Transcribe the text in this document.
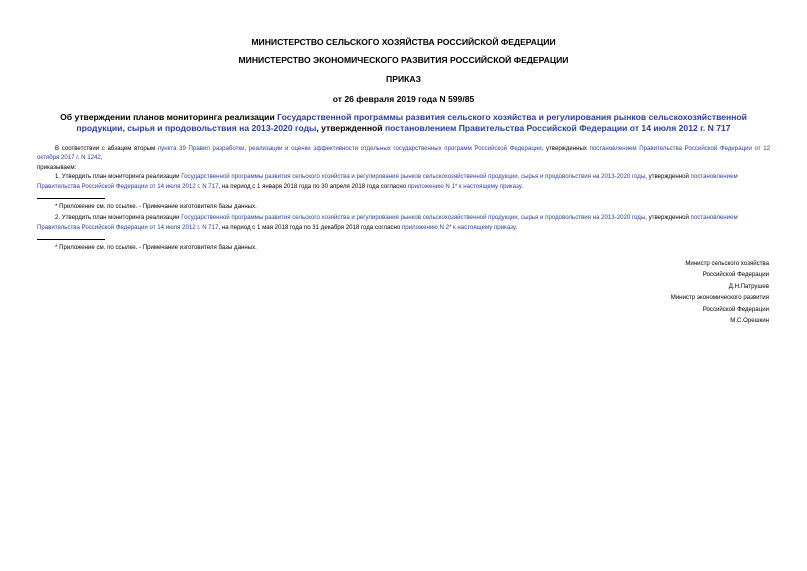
МИНИСТЕРСТВО СЕЛЬСКОГО ХОЗЯЙСТВА РОССИЙСКОЙ ФЕДЕРАЦИИ
МИНИСТЕРСТВО ЭКОНОМИЧЕСКОГО РАЗВИТИЯ РОССИЙСКОЙ ФЕДЕРАЦИИ
ПРИКАЗ
от 26 февраля 2019 года N 599/85
Об утверждении планов мониторинга реализации Государственной программы развития сельского хозяйства и регулирования рынков сельскохозяйственной продукции, сырья и продовольствия на 2013-2020 годы, утвержденной постановлением Правительства Российской Федерации от 14 июля 2012 г. N 717

В соответствии с абзацем вторым пункта 39 Правил разработки, реализации и оценки эффективности отдельных государственных программ Российской Федерации, утвержденных постановлением Правительства Российской Федерации от 12 октября 2017 г. N 1242,

приказываем:

1. Утвердить план мониторинга реализации Государственной программы развития сельского хозяйства и регулирования рынков сельскохозяйственной продукции, сырья и продовольствия на 2013-2020 годы, утвержденной постановлением Правительства Российской Федерации от 14 июля 2012 г. N 717, на период с 1 января 2018 года по 30 апреля 2018 года согласно приложению N 1* к настоящему приказу.

* Приложение см. по ссылке. - Примечание изготовителя базы данных.

2. Утвердить план мониторинга реализации Государственной программы развития сельского хозяйства и регулирования рынков сельскохозяйственной продукции, сырья и продовольствия на 2013-2020 годы, утвержденной постановлением Правительства Российской Федерации от 14 июля 2012 г. N 717, на период с 1 мая 2018 года по 31 декабря 2018 года согласно приложению N 2* к настоящему приказу.

* Приложение см. по ссылке. - Примечание изготовителя базы данных.

Министр сельского хозяйства
Российской Федерации
Д.Н.Патрушев
Министр экономического развития
Российской Федерации
М.С.Орешкин
